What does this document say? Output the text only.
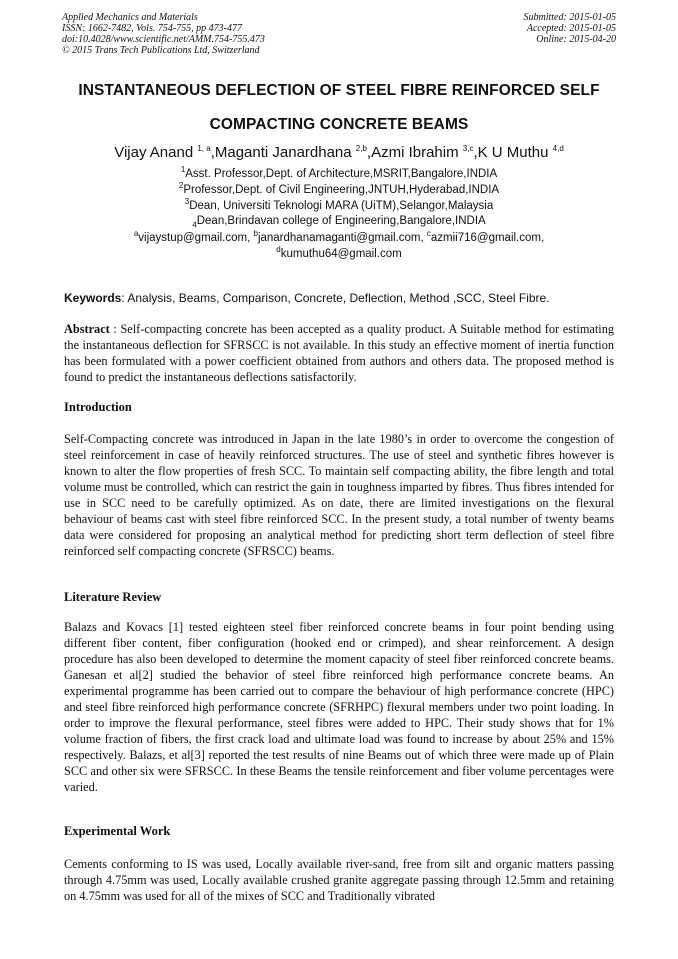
Applied Mechanics and Materials
ISSN: 1662-7482, Vols. 754-755, pp 473-477
doi:10.4028/www.scientific.net/AMM.754-755.473
© 2015 Trans Tech Publications Ltd, Switzerland
Submitted: 2015-01-05
Accepted: 2015-01-05
Online: 2015-04-20
INSTANTANEOUS DEFLECTION OF STEEL FIBRE REINFORCED SELF
COMPACTING CONCRETE BEAMS
Vijay Anand $^{1, a}$,Maganti Janardhana $^{2,b}$,Azmi Ibrahim $^{3,c}$,K U Muthu $^{4,d}$
$^1$Asst. Professor,Dept. of Architecture,MSRIT,Bangalore,INDIA
$^2$Professor,Dept. of Civil Engineering,JNTUH,Hyderabad,INDIA
$^3$Dean, Universiti Teknologi MARA (UiTM),Selangor,Malaysia
$_4$Dean,Brindavan college of Engineering,Bangalore,INDIA
$^a$vijaystup@gmail.com, $^b$janardhanamaganti@gmail.com, $^c$azmii716@gmail.com,
$^d$kumuthu64@gmail.com
Keywords: Analysis, Beams, Comparison, Concrete, Deflection, Method ,SCC, Steel Fibre.
Abstract : Self-compacting concrete has been accepted as a quality product. A Suitable method for estimating the instantaneous deflection for SFRSCC is not available. In this study an effective moment of inertia function has been formulated with a power coefficient obtained from authors and others data. The proposed method is found to predict the instantaneous deflections satisfactorily.
Introduction
Self-Compacting concrete was introduced in Japan in the late 1980’s in order to overcome the congestion of steel reinforcement in case of heavily reinforced structures. The use of steel and synthetic fibres however is known to alter the flow properties of fresh SCC. To maintain self compacting ability, the fibre length and total volume must be controlled, which can restrict the gain in toughness imparted by fibres. Thus fibres intended for use in SCC need to be carefully optimized. As on date, there are limited investigations on the flexural behaviour of beams cast with steel fibre reinforced SCC. In the present study, a total number of twenty beams data were considered for proposing an analytical method for predicting short term deflection of steel fibre reinforced self compacting concrete (SFRSCC) beams.
Literature Review
Balazs and Kovacs [1] tested eighteen steel fiber reinforced concrete beams in four point bending using different fiber content, fiber configuration (hooked end or crimped), and shear reinforcement. A design procedure has also been developed to determine the moment capacity of steel fiber reinforced concrete beams. Ganesan et al[2] studied the behavior of steel fibre reinforced high performance concrete beams. An experimental programme has been carried out to compare the behaviour of high performance concrete (HPC) and steel fibre reinforced high performance concrete (SFRHPC) flexural members under two point loading. In order to improve the flexural performance, steel fibres were added to HPC. Their study shows that for 1% volume fraction of fibers, the first crack load and ultimate load was found to increase by about 25% and 15% respectively. Balazs, et al[3] reported the test results of nine Beams out of which three were made up of Plain SCC and other six were SFRSCC. In these Beams the tensile reinforcement and fiber volume percentages were varied.
Experimental Work
Cements conforming to IS was used, Locally available river-sand, free from silt and organic matters passing through 4.75mm was used, Locally available crushed granite aggregate passing through 12.5mm and retaining on 4.75mm was used for all of the mixes of SCC and Traditionally vibrated
